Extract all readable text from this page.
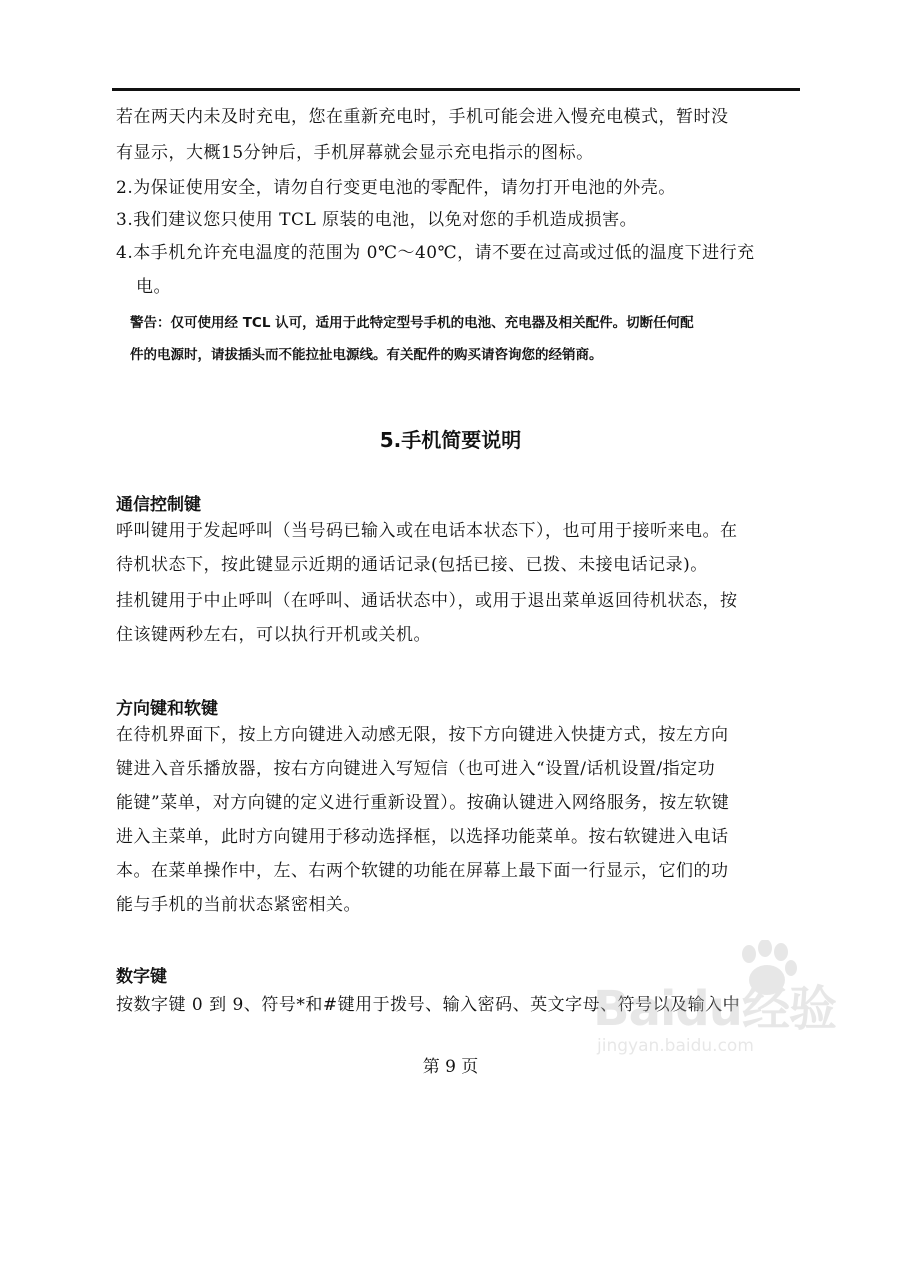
若在两天内未及时充电，您在重新充电时，手机可能会进入慢充电模式，暂时没
有显示，大概15分钟后，手机屏幕就会显示充电指示的图标。
2.为保证使用安全，请勿自行变更电池的零配件，请勿打开电池的外壳。
3.我们建议您只使用 TCL 原装的电池，以免对您的手机造成损害。
4.本手机允许充电温度的范围为 0℃～40℃，请不要在过高或过低的温度下进行充
电。
警告：仅可使用经 TCL 认可，适用于此特定型号手机的电池、充电器及相关配件。切断任何配
件的电源时，请拔插头而不能拉扯电源线。有关配件的购买请咨询您的经销商。
5.手机简要说明
通信控制键
呼叫键用于发起呼叫（当号码已输入或在电话本状态下），也可用于接听来电。在
待机状态下，按此键显示近期的通话记录(包括已接、已拨、未接电话记录)。
挂机键用于中止呼叫（在呼叫、通话状态中），或用于退出菜单返回待机状态，按
住该键两秒左右，可以执行开机或关机。
方向键和软键
在待机界面下，按上方向键进入动感无限，按下方向键进入快捷方式，按左方向
键进入音乐播放器，按右方向键进入写短信（也可进入“设置/话机设置/指定功
能键”菜单，对方向键的定义进行重新设置）。按确认键进入网络服务，按左软键
进入主菜单，此时方向键用于移动选择框，以选择功能菜单。按右软键进入电话
本。在菜单操作中，左、右两个软键的功能在屏幕上最下面一行显示，它们的功
能与手机的当前状态紧密相关。
数字键
按数字键 0 到 9、符号*和#键用于拨号、输入密码、英文字母、符号以及输入中
第 9 页
Baidu经验
jingyan.baidu.com
